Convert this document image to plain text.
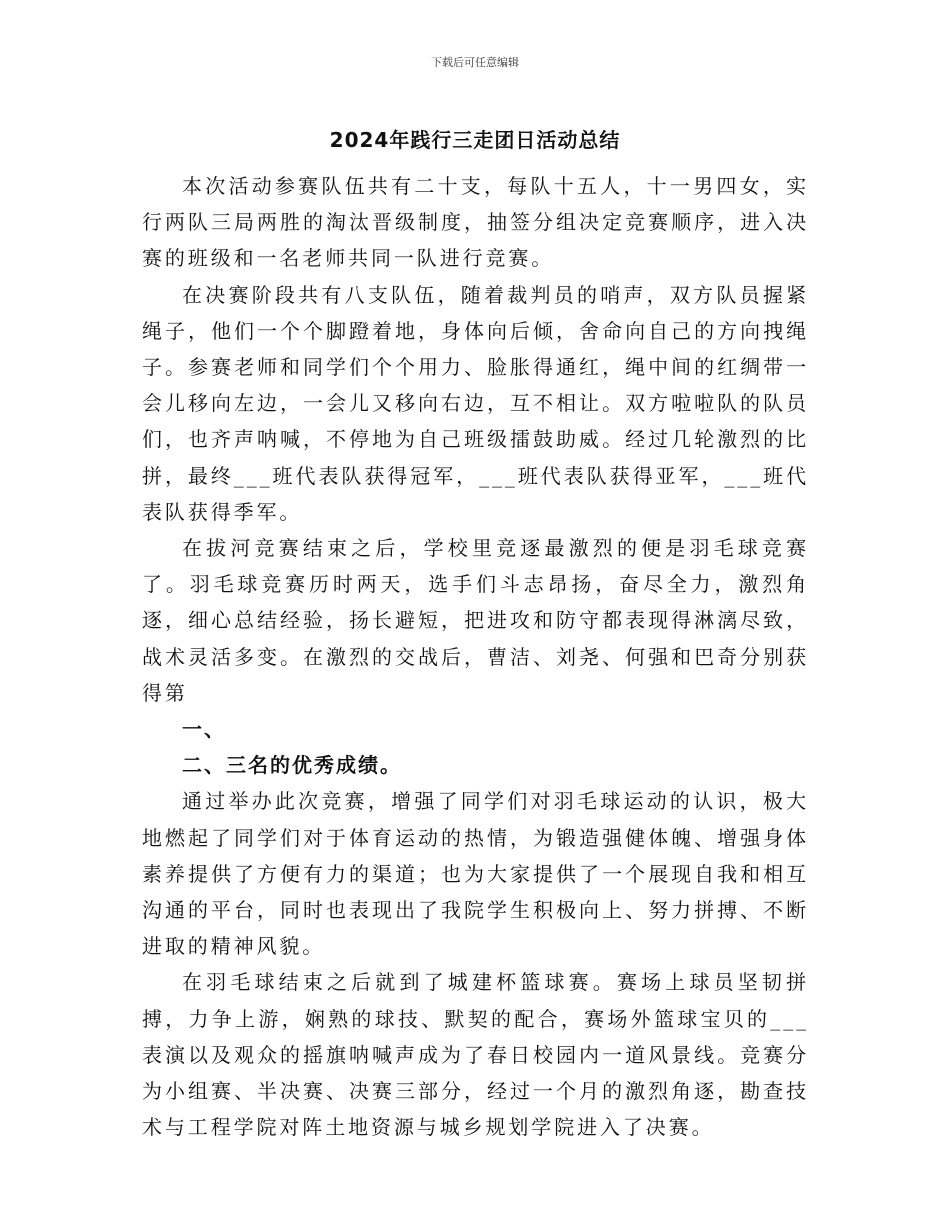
下载后可任意编辑
2024年践行三走团日活动总结

本次活动参赛队伍共有二十支，每队十五人，十一男四女，实行两队三局两胜的淘汰晋级制度，抽签分组决定竞赛顺序，进入决赛的班级和一名老师共同一队进行竞赛。

在决赛阶段共有八支队伍，随着裁判员的哨声，双方队员握紧绳子，他们一个个脚蹬着地，身体向后倾，舍命向自己的方向拽绳子。参赛老师和同学们个个用力、脸胀得通红，绳中间的红绸带一会儿移向左边，一会儿又移向右边，互不相让。双方啦啦队的队员们，也齐声呐喊，不停地为自己班级擂鼓助威。经过几轮激烈的比拼，最终___班代表队获得冠军，___班代表队获得亚军，___班代表队获得季军。

在拔河竞赛结束之后，学校里竞逐最激烈的便是羽毛球竞赛了。羽毛球竞赛历时两天，选手们斗志昂扬，奋尽全力，激烈角逐，细心总结经验，扬长避短，把进攻和防守都表现得淋漓尽致，战术灵活多变。在激烈的交战后，曹洁、刘尧、何强和巴奇分别获得第

一、

二、三名的优秀成绩。

通过举办此次竞赛，增强了同学们对羽毛球运动的认识，极大地燃起了同学们对于体育运动的热情，为锻造强健体魄、增强身体素养提供了方便有力的渠道；也为大家提供了一个展现自我和相互沟通的平台，同时也表现出了我院学生积极向上、努力拼搏、不断进取的精神风貌。

在羽毛球结束之后就到了城建杯篮球赛。赛场上球员坚韧拼搏，力争上游，娴熟的球技、默契的配合，赛场外篮球宝贝的___表演以及观众的摇旗呐喊声成为了春日校园内一道风景线。竞赛分为小组赛、半决赛、决赛三部分，经过一个月的激烈角逐，勘查技术与工程学院对阵土地资源与城乡规划学院进入了决赛。
